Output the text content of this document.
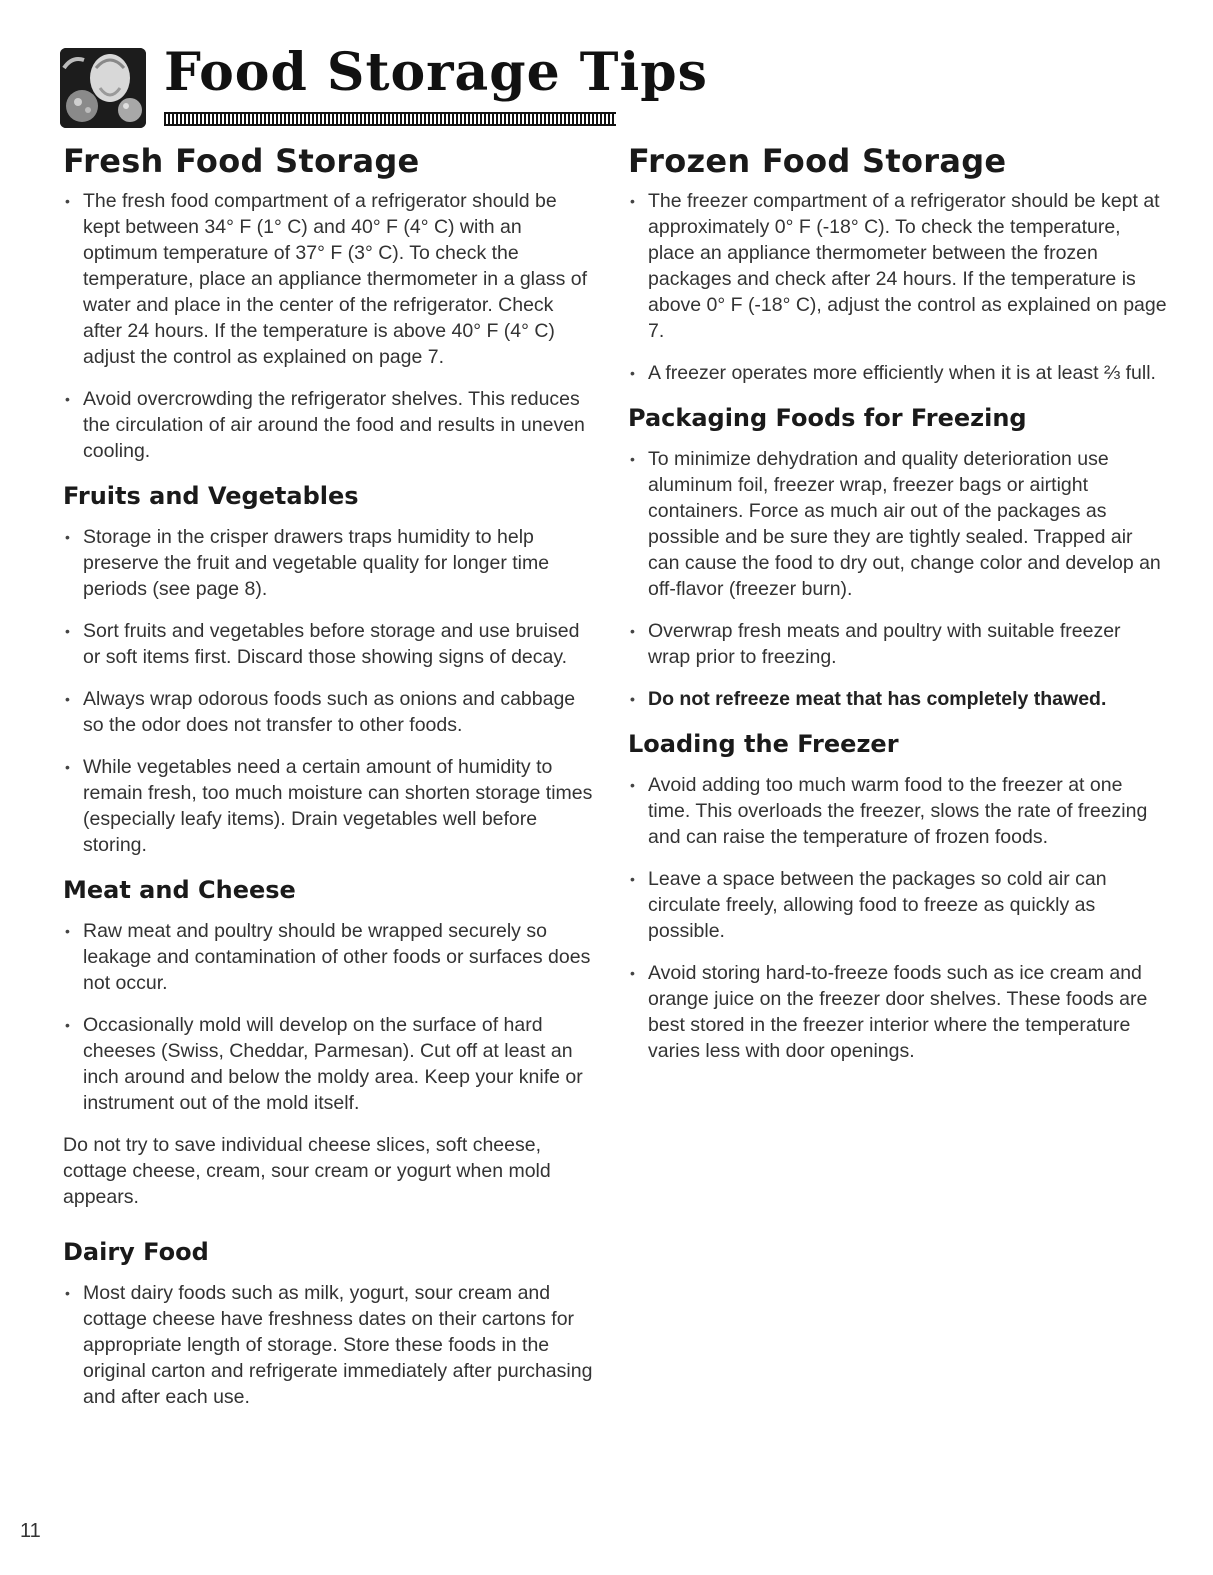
Food Storage Tips
Fresh Food Storage
• The fresh food compartment of a refrigerator should be kept between 34° F (1° C) and 40° F (4° C) with an optimum temperature of 37° F (3° C). To check the temperature, place an appliance thermometer in a glass of water and place in the center of the refrigerator. Check after 24 hours. If the temperature is above 40° F (4° C) adjust the control as explained on page 7.
• Avoid overcrowding the refrigerator shelves. This reduces the circulation of air around the food and results in uneven cooling.
Fruits and Vegetables
• Storage in the crisper drawers traps humidity to help preserve the fruit and vegetable quality for longer time periods (see page 8).
• Sort fruits and vegetables before storage and use bruised or soft items first. Discard those showing signs of decay.
• Always wrap odorous foods such as onions and cabbage so the odor does not transfer to other foods.
• While vegetables need a certain amount of humidity to remain fresh, too much moisture can shorten storage times (especially leafy items). Drain vegetables well before storing.
Meat and Cheese
• Raw meat and poultry should be wrapped securely so leakage and contamination of other foods or surfaces does not occur.
• Occasionally mold will develop on the surface of hard cheeses (Swiss, Cheddar, Parmesan). Cut off at least an inch around and below the moldy area. Keep your knife or instrument out of the mold itself.

Do not try to save individual cheese slices, soft cheese, cottage cheese, cream, sour cream or yogurt when mold appears.

Dairy Food
• Most dairy foods such as milk, yogurt, sour cream and cottage cheese have freshness dates on their cartons for appropriate length of storage. Store these foods in the original carton and refrigerate immediately after purchasing and after each use.
Frozen Food Storage
• The freezer compartment of a refrigerator should be kept at approximately 0° F (-18° C). To check the temperature, place an appliance thermometer between the frozen packages and check after 24 hours. If the temperature is above 0° F (-18° C), adjust the control as explained on page 7.
• A freezer operates more efficiently when it is at least ⅔ full.
Packaging Foods for Freezing
• To minimize dehydration and quality deterioration use aluminum foil, freezer wrap, freezer bags or airtight containers. Force as much air out of the packages as possible and be sure they are tightly sealed. Trapped air can cause the food to dry out, change color and develop an off-flavor (freezer burn).
• Overwrap fresh meats and poultry with suitable freezer wrap prior to freezing.
• Do not refreeze meat that has completely thawed.
Loading the Freezer
• Avoid adding too much warm food to the freezer at one time. This overloads the freezer, slows the rate of freezing and can raise the temperature of frozen foods.
• Leave a space between the packages so cold air can circulate freely, allowing food to freeze as quickly as possible.
• Avoid storing hard-to-freeze foods such as ice cream and orange juice on the freezer door shelves. These foods are best stored in the freezer interior where the temperature varies less with door openings.
11
